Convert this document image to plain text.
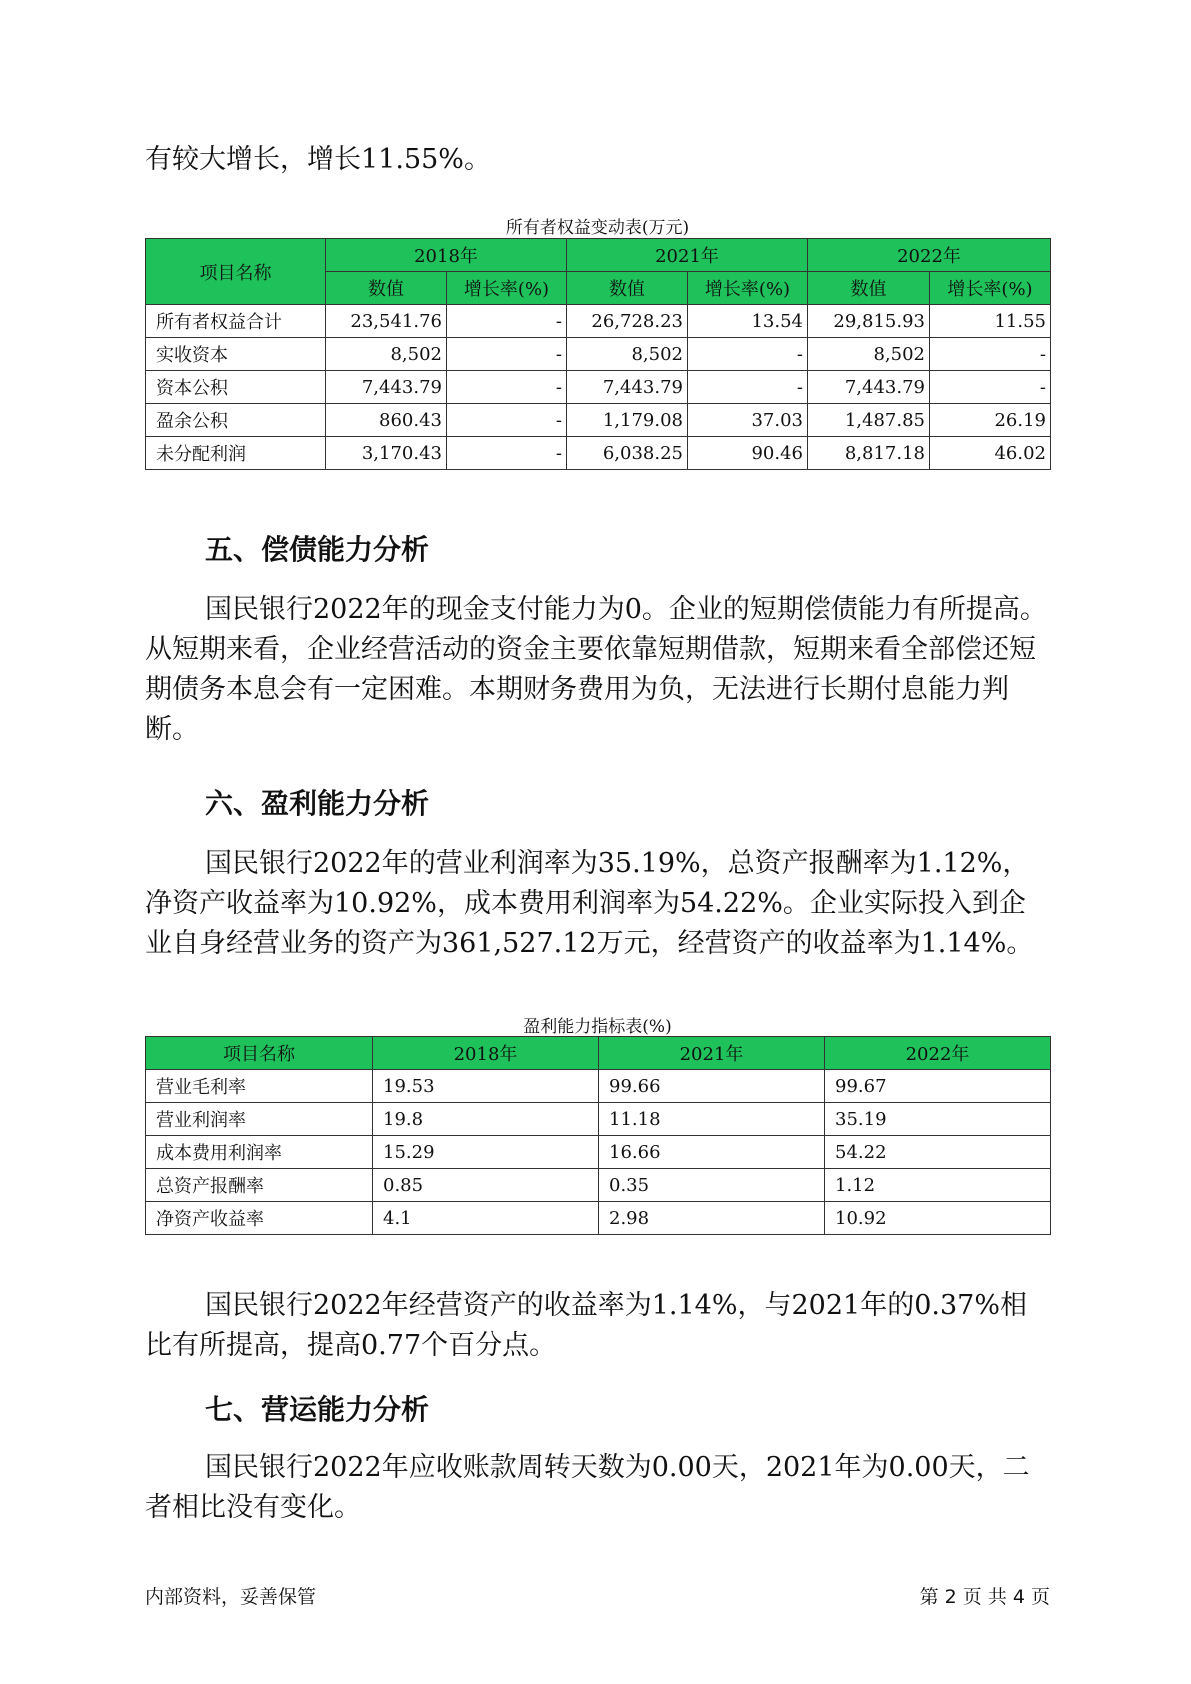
有较大增长，增长11.55%。

所有者权益变动表(万元)

项目名称	2018年		2021年		2022年	
	数值	增长率(%)	数值	增长率(%)	数值	增长率(%)
所有者权益合计	23,541.76	-	26,728.23	13.54	29,815.93	11.55
实收资本	8,502	-	8,502	-	8,502	-
资本公积	7,443.79	-	7,443.79	-	7,443.79	-
盈余公积	860.43	-	1,179.08	37.03	1,487.85	26.19
未分配利润	3,170.43	-	6,038.25	90.46	8,817.18	46.02

五、偿债能力分析

国民银行2022年的现金支付能力为0。企业的短期偿债能力有所提高。从短期来看，企业经营活动的资金主要依靠短期借款，短期来看全部偿还短期债务本息会有一定困难。本期财务费用为负，无法进行长期付息能力判断。

六、盈利能力分析

国民银行2022年的营业利润率为35.19%，总资产报酬率为1.12%，净资产收益率为10.92%，成本费用利润率为54.22%。企业实际投入到企业自身经营业务的资产为361,527.12万元，经营资产的收益率为1.14%。

盈利能力指标表(%)

项目名称	2018年	2021年	2022年
营业毛利率	19.53	99.66	99.67
营业利润率	19.8	11.18	35.19
成本费用利润率	15.29	16.66	54.22
总资产报酬率	0.85	0.35	1.12
净资产收益率	4.1	2.98	10.92

国民银行2022年经营资产的收益率为1.14%，与2021年的0.37%相比有所提高，提高0.77个百分点。

七、营运能力分析

国民银行2022年应收账款周转天数为0.00天，2021年为0.00天，二者相比没有变化。

内部资料，妥善保管	第 2 页 共 4 页
